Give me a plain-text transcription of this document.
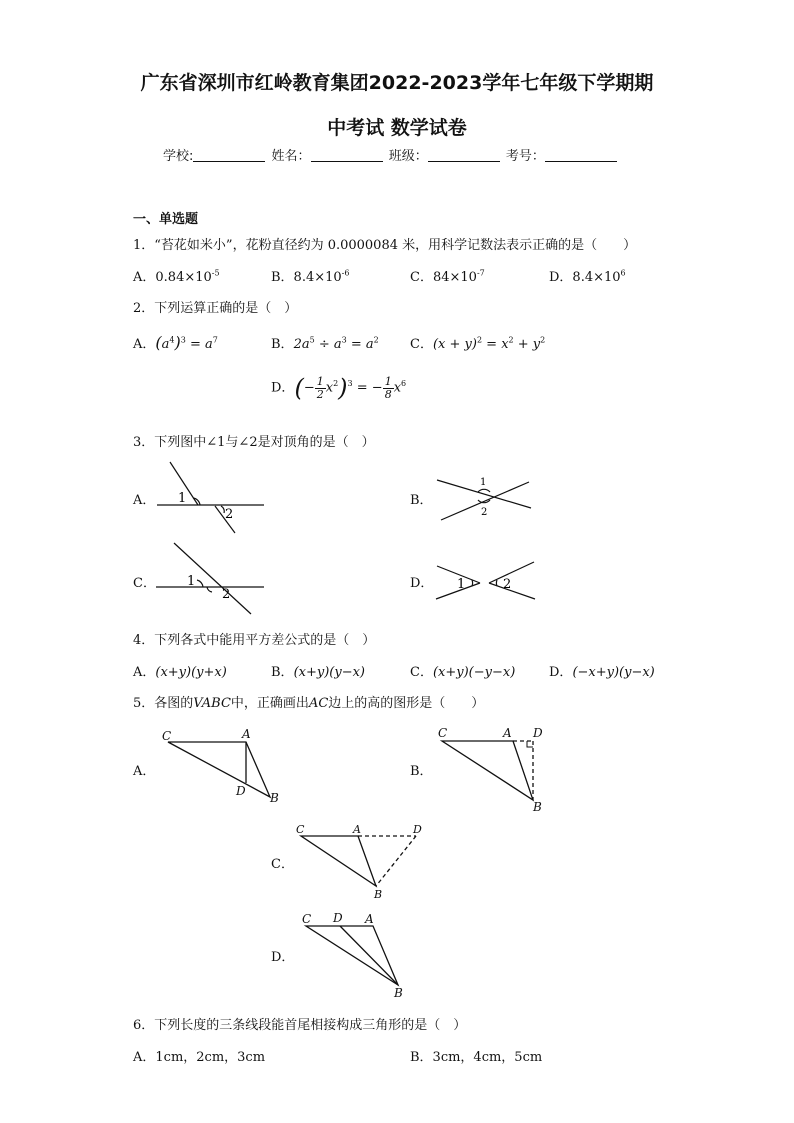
广东省深圳市红岭教育集团2022-2023学年七年级下学期期
中考试 数学试卷
学校:	姓名：	班级：	考号：
一、单选题
1．“苔花如米小”，花粉直径约为 0.0000084 米，用科学记数法表示正确的是（　　）
A．$0.84\times 10^{-5}$	B．$8.4\times 10^{-6}$	C．$84\times 10^{-7}$	D．$8.4\times 10^6$
2．下列运算正确的是（　）
A．$(a^4)^3 = a^7$	B．$2a^5 \div a^3 = a^2$ C．$(x + y)^2 = x^2 + y^2$
D．(− $\frac{1}{2} x^2)^3$ = − $\frac{1}{8} x^6$
3．下列图中∠1与∠2是对顶角的是（　）
A．	B．
C．	D．
1
2
1
2
1
2
1	2
4．下列各式中能用平方差公式的是（　）
A．(x+y)(y+x)	B．(x+y)(y−x)	C．(x+y)(−y−x)	D．(−x+y)(y−x)
5．各图的VABC中，正确画出AC边上的高的图形是（　　）
A．	B．
C．
D．
C	A
D B
C	A D
B
C	A	D
B
C D A
B
6．下列长度的三条线段能首尾相接构成三角形的是（　）
A．1cm，2cm，3cm	B．3cm，4cm，5cm
